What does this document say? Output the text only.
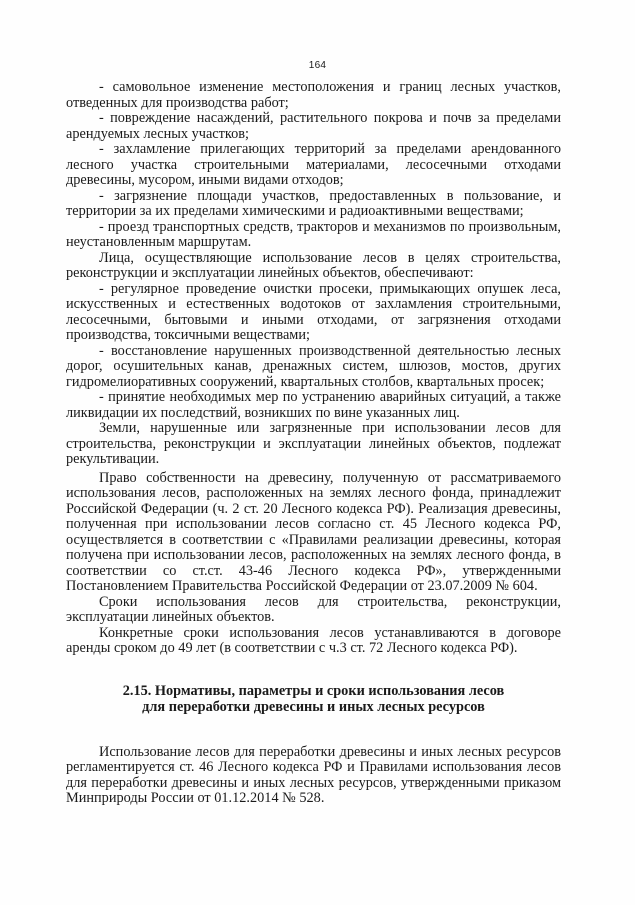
164

- самовольное изменение местоположения и границ лесных участков, отведенных для производства работ;

- повреждение насаждений, растительного покрова и почв за пределами арендуемых лесных участков;

- захламление прилегающих территорий за пределами арендованного лесного участка строительными материалами, лесосечными отходами древесины, мусором, иными видами отходов;

- загрязнение площади участков, предоставленных в пользование, и территории за их пределами химическими и радиоактивными веществами;

- проезд транспортных средств, тракторов и механизмов по произвольным, неустановленным маршрутам.

Лица, осуществляющие использование лесов в целях строительства, реконструкции и эксплуатации линейных объектов, обеспечивают:

- регулярное проведение очистки просеки, примыкающих опушек леса, искусственных и естественных водотоков от захламления строительными, лесосечными, бытовыми и иными отходами, от загрязнения отходами производства, токсичными веществами;

- восстановление нарушенных производственной деятельностью лесных дорог, осушительных канав, дренажных систем, шлюзов, мостов, других гидромелиоративных сооружений, квартальных столбов, квартальных просек;

- принятие необходимых мер по устранению аварийных ситуаций, а также ликвидации их последствий, возникших по вине указанных лиц.

Земли, нарушенные или загрязненные при использовании лесов для строительства, реконструкции и эксплуатации линейных объектов, подлежат рекультивации.

Право собственности на древесину, полученную от рассматриваемого использования лесов, расположенных на землях лесного фонда, принадлежит Российской Федерации (ч. 2 ст. 20 Лесного кодекса РФ). Реализация древесины, полученная при использовании лесов согласно ст. 45 Лесного кодекса РФ, осуществляется в соответствии с «Правилами реализации древесины, которая получена при использовании лесов, расположенных на землях лесного фонда, в соответствии со ст.ст. 43-46 Лесного кодекса РФ», утвержденными Постановлением Правительства Российской Федерации от 23.07.2009 № 604.

Сроки использования лесов для строительства, реконструкции, эксплуатации линейных объектов.

Конкретные сроки использования лесов устанавливаются в договоре аренды сроком до 49 лет (в соответствии с ч.3 ст. 72 Лесного кодекса РФ).

2.15. Нормативы, параметры и сроки использования лесов

для переработки древесины и иных лесных ресурсов

Использование лесов для переработки древесины и иных лесных ресурсов регламентируется ст. 46 Лесного кодекса РФ и Правилами использования лесов для переработки древесины и иных лесных ресурсов, утвержденными приказом Минприроды России от 01.12.2014 № 528.
